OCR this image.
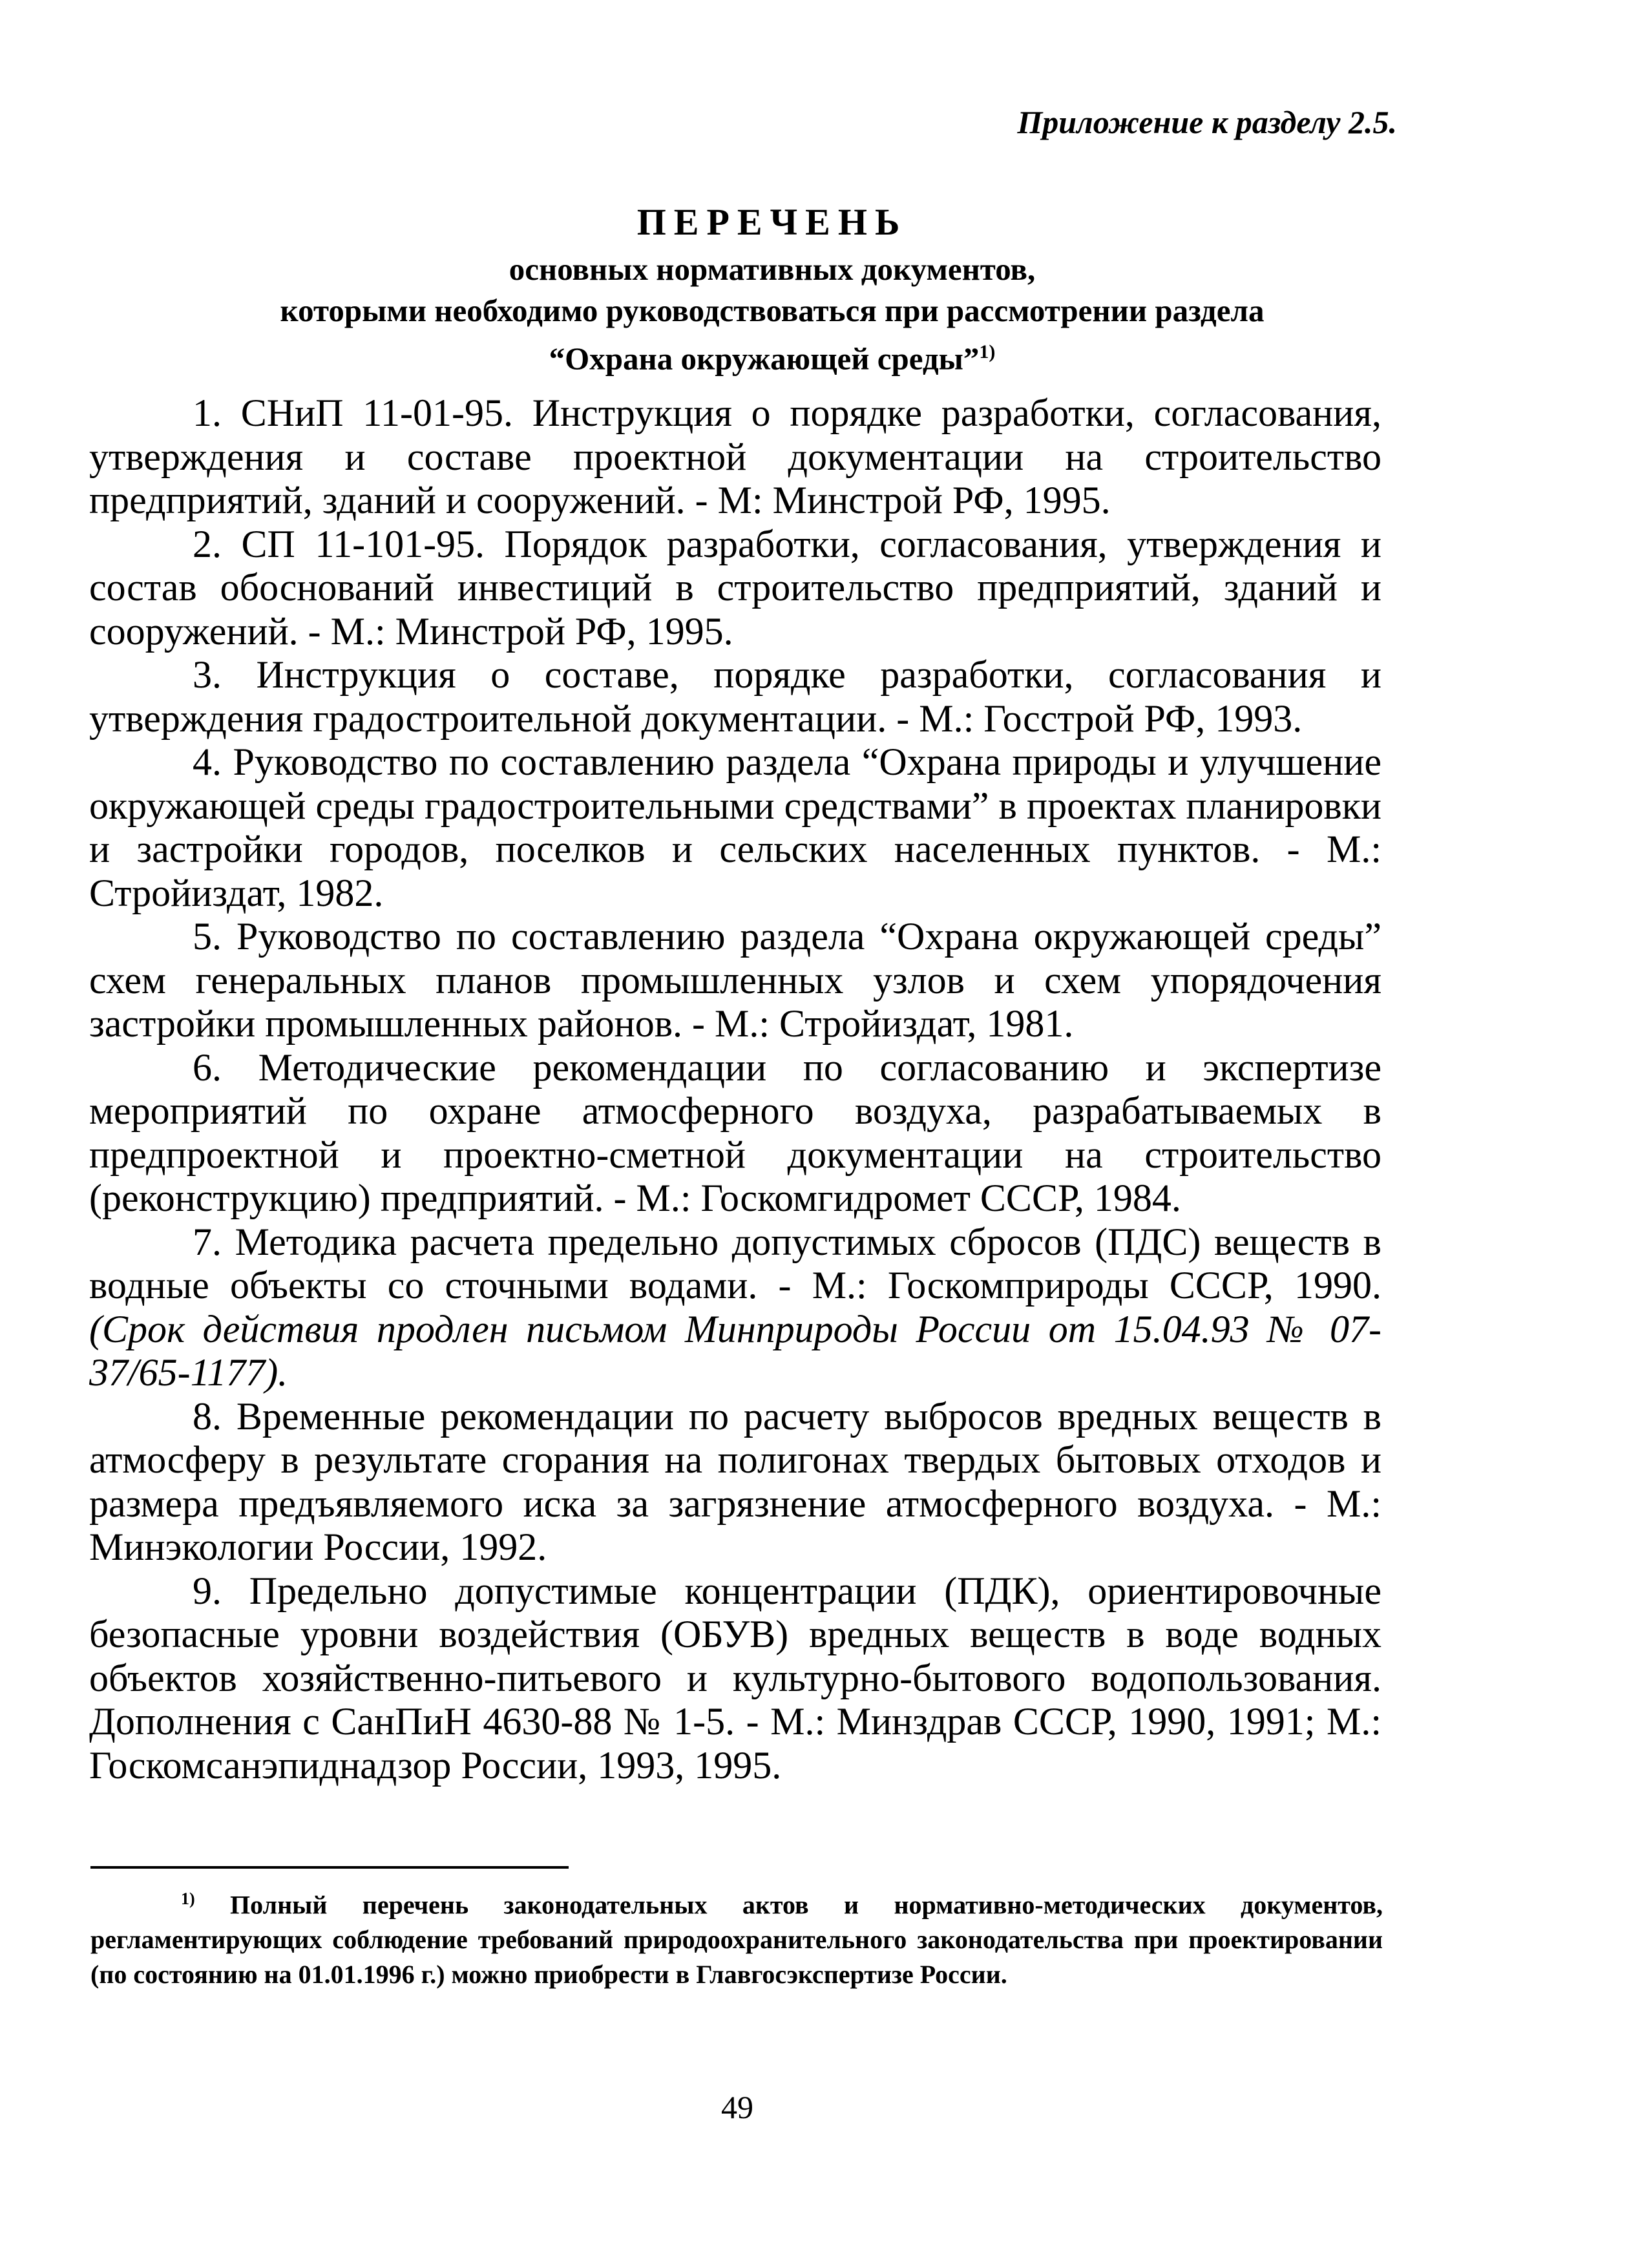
Приложение к разделу 2.5.
ПЕРЕЧЕНЬ
основных нормативных документов,
которыми необходимо руководствоваться при рассмотрении раздела
“Охрана окружающей среды”$^{1)}$

1. СНиП 11-01-95. Инструкция о порядке разработки, согласования, утверждения и составе проектной документации на строительство предприятий, зданий и сооружений. - М: Минстрой РФ, 1995.

2. СП 11-101-95. Порядок разработки, согласования, утверждения и состав обоснований инвестиций в строительство предприятий, зданий и сооружений. - М.: Минстрой РФ, 1995.

3. Инструкция о составе, порядке разработки, согласования и утверждения градостроительной документации. - М.: Госстрой РФ, 1993.

4. Руководство по составлению раздела “Охрана природы и улучшение окружающей среды градостроительными средствами” в проектах планировки и застройки городов, поселков и сельских населенных пунктов. - М.: Стройиздат, 1982.

5. Руководство по составлению раздела “Охрана окружающей среды” схем генеральных планов промышленных узлов и схем упорядочения застройки промышленных районов. - М.: Стройиздат, 1981.

6. Методические рекомендации по согласованию и экспертизе мероприятий по охране атмосферного воздуха, разрабатываемых в предпроектной и проектно-сметной документации на строительство (реконструкцию) предприятий. - М.: Госкомгидромет СССР, 1984.

7. Методика расчета предельно допустимых сбросов (ПДС) веществ в водные объекты со сточными водами. - М.: Госкомприроды СССР, 1990. (Срок действия продлен письмом Минприроды России от 15.04.93 № 07-37/65-1177).

8. Временные рекомендации по расчету выбросов вредных веществ в атмосферу в результате сгорания на полигонах твердых бытовых отходов и размера предъявляемого иска за загрязнение атмосферного воздуха. - М.: Минэкологии России, 1992.

9. Предельно допустимые концентрации (ПДК), ориентировочные безопасные уровни воздействия (ОБУВ) вредных веществ в воде водных объектов хозяйственно-питьевого и культурно-бытового водопользования. Дополнения с СанПиН 4630-88 № 1-5. - М.: Минздрав СССР, 1990, 1991; М.: Госкомсанэпиднадзор России, 1993, 1995.

$^{1)}$ Полный перечень законодательных актов и нормативно-методических документов, регламентирующих соблюдение требований природоохранительного законодательства при проектировании (по состоянию на 01.01.1996 г.) можно приобрести в Главгосэкспертизе России.
49
